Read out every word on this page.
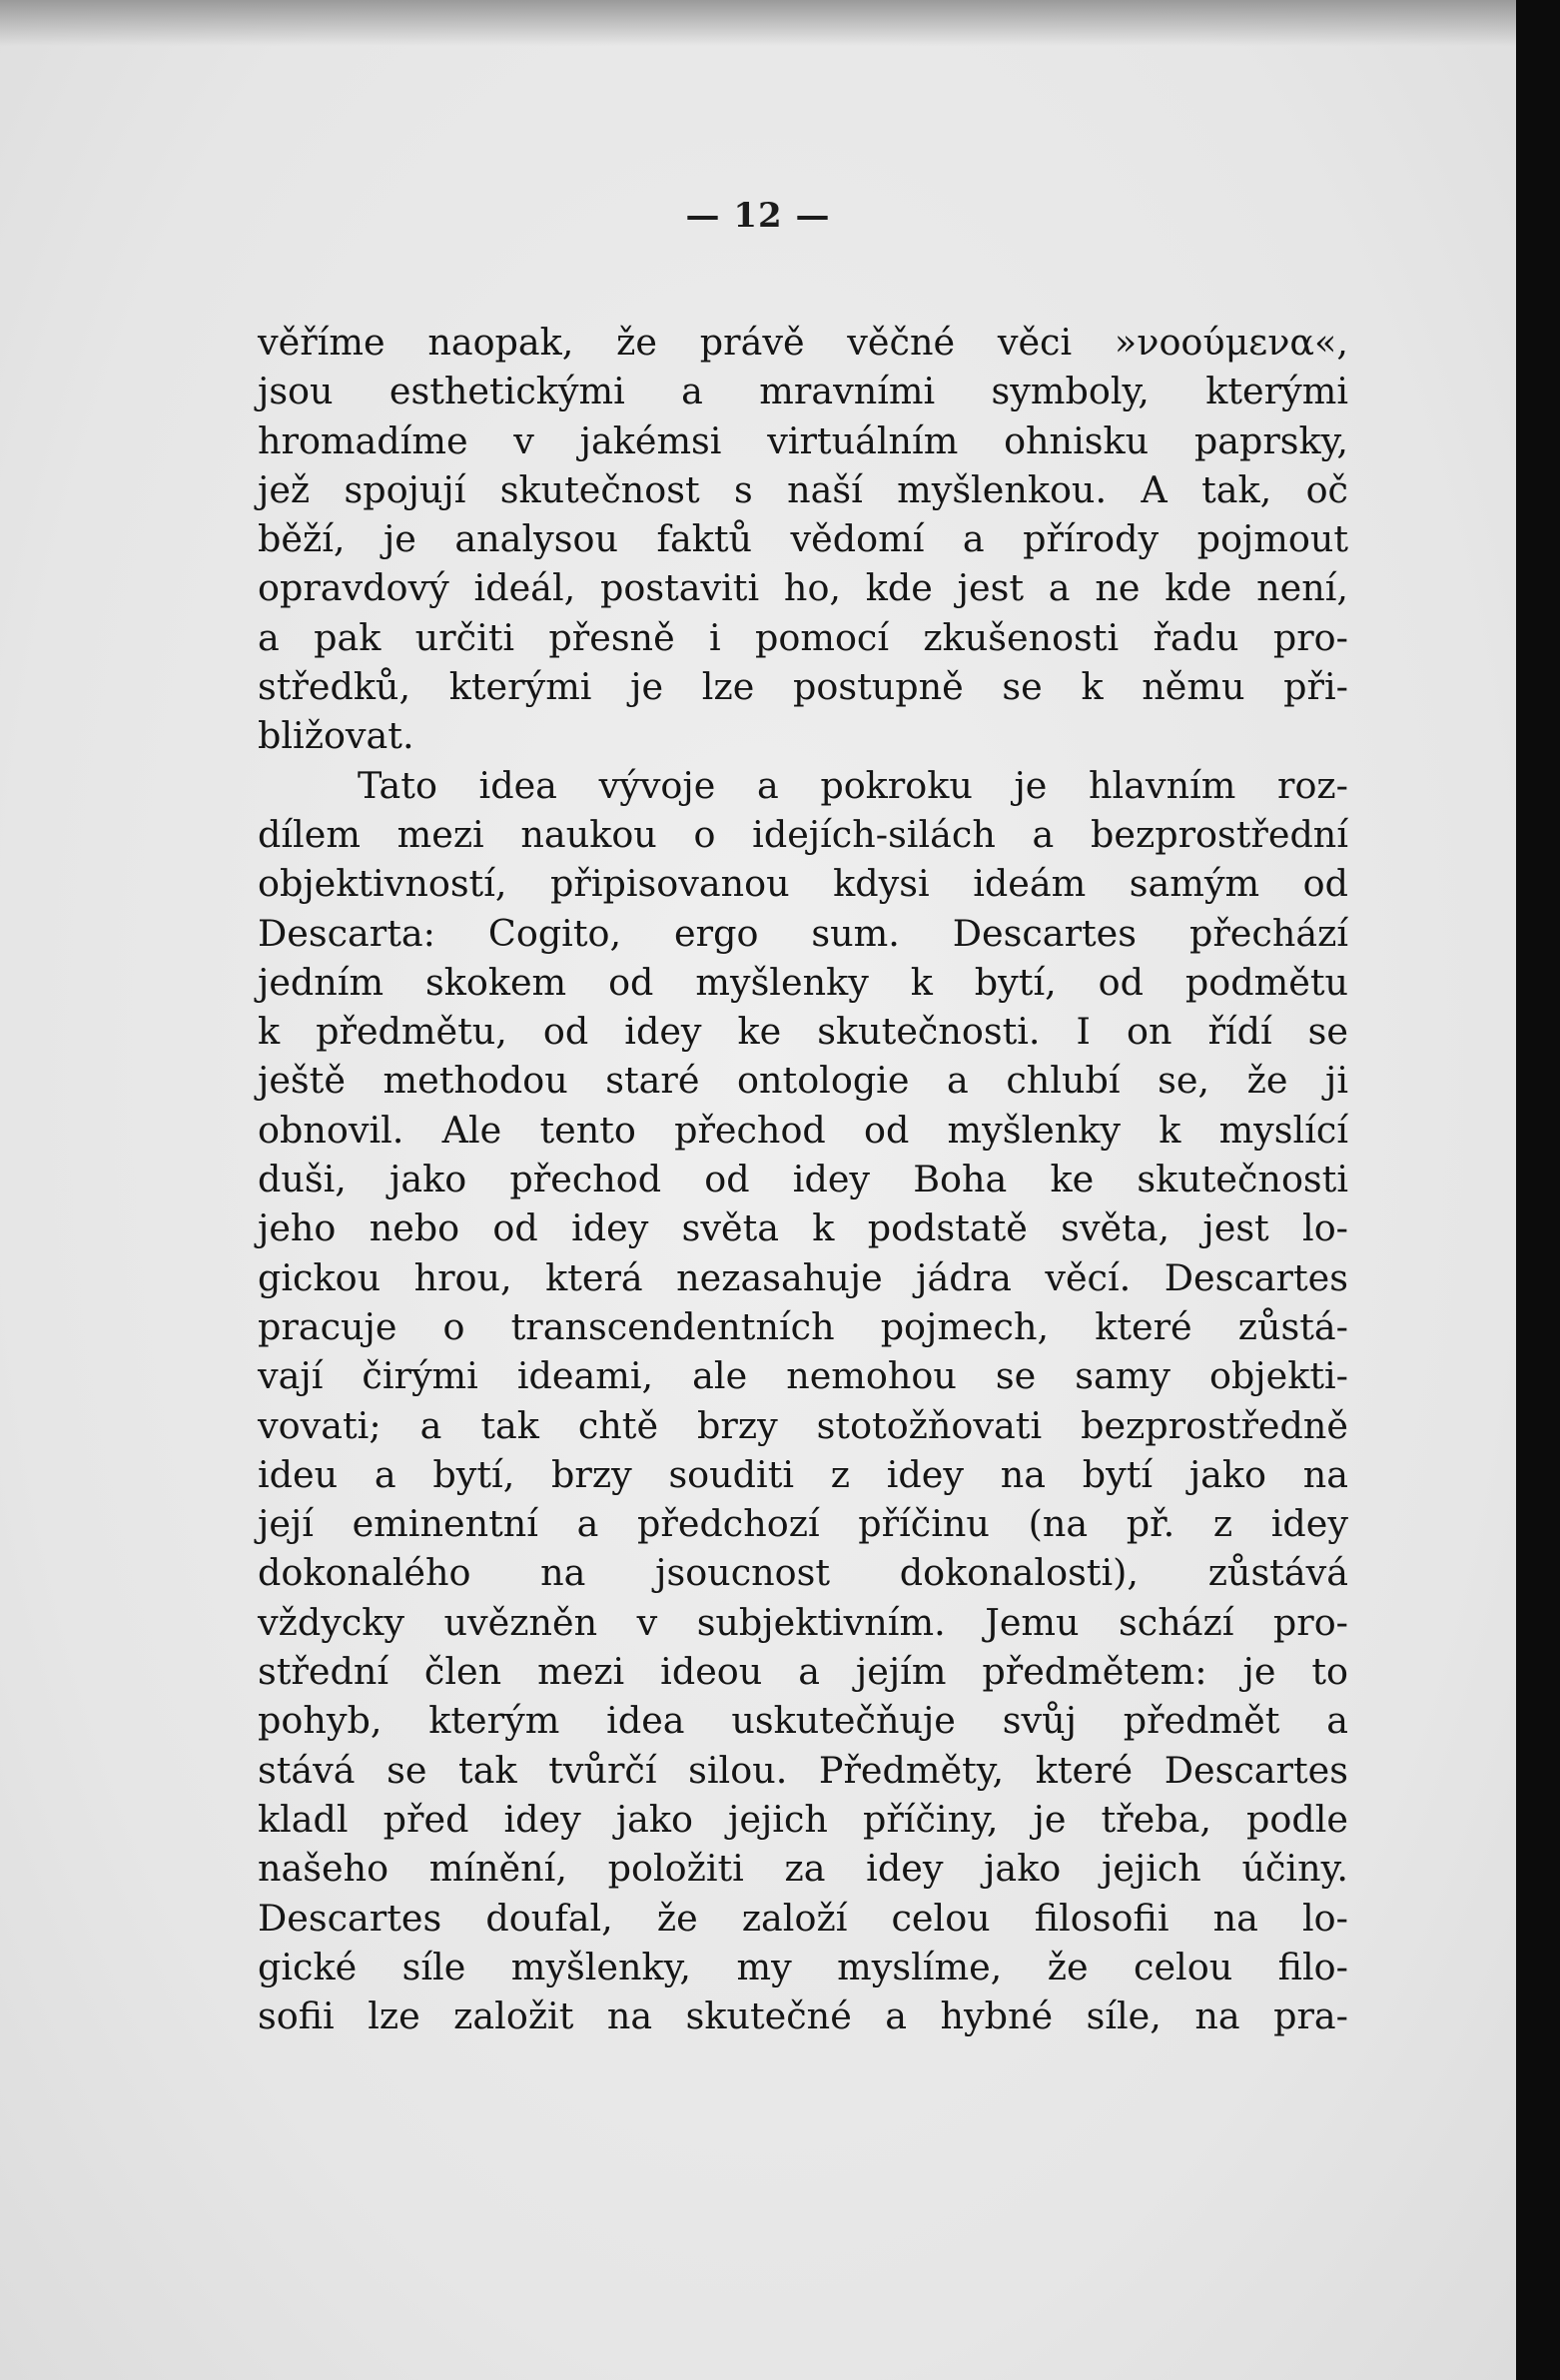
— 12 —
věříme naopak, že právě věčné věci »νοούμενα«,
jsou esthetickými a mravními symboly, kterými
hromadíme v jakémsi virtuálním ohnisku paprsky,
jež spojují skutečnost s naší myšlenkou. A tak, oč
běží, je analysou faktů vědomí a přírody pojmout
opravdový ideál, postaviti ho, kde jest a ne kde není,
a pak určiti přesně i pomocí zkušenosti řadu pro-
středků, kterými je lze postupně se k němu při-
bližovat.
Tato idea vývoje a pokroku je hlavním roz-
dílem mezi naukou o idejích-silách a bezprostřední
objektivností, připisovanou kdysi ideám samým od
Descarta: Cogito, ergo sum. Descartes přechází
jedním skokem od myšlenky k bytí, od podmětu
k předmětu, od idey ke skutečnosti. I on řídí se
ještě methodou staré ontologie a chlubí se, že ji
obnovil. Ale tento přechod od myšlenky k myslící
duši, jako přechod od idey Boha ke skutečnosti
jeho nebo od idey světa k podstatě světa, jest lo-
gickou hrou, která nezasahuje jádra věcí. Descartes
pracuje o transcendentních pojmech, které zůstá-
vají čirými ideami, ale nemohou se samy objekti-
vovati; a tak chtě brzy stotožňovati bezprostředně
ideu a bytí, brzy souditi z idey na bytí jako na
její eminentní a předchozí příčinu (na př. z idey
dokonalého na jsoucnost dokonalosti), zůstává
vždycky uvězněn v subjektivním. Jemu schází pro-
střední člen mezi ideou a jejím předmětem: je to
pohyb, kterým idea uskutečňuje svůj předmět a
stává se tak tvůrčí silou. Předměty, které Descartes
kladl před idey jako jejich příčiny, je třeba, podle
našeho mínění, položiti za idey jako jejich účiny.
Descartes doufal, že založí celou filosofii na lo-
gické síle myšlenky, my myslíme, že celou filo-
sofii lze založit na skutečné a hybné síle, na pra-
